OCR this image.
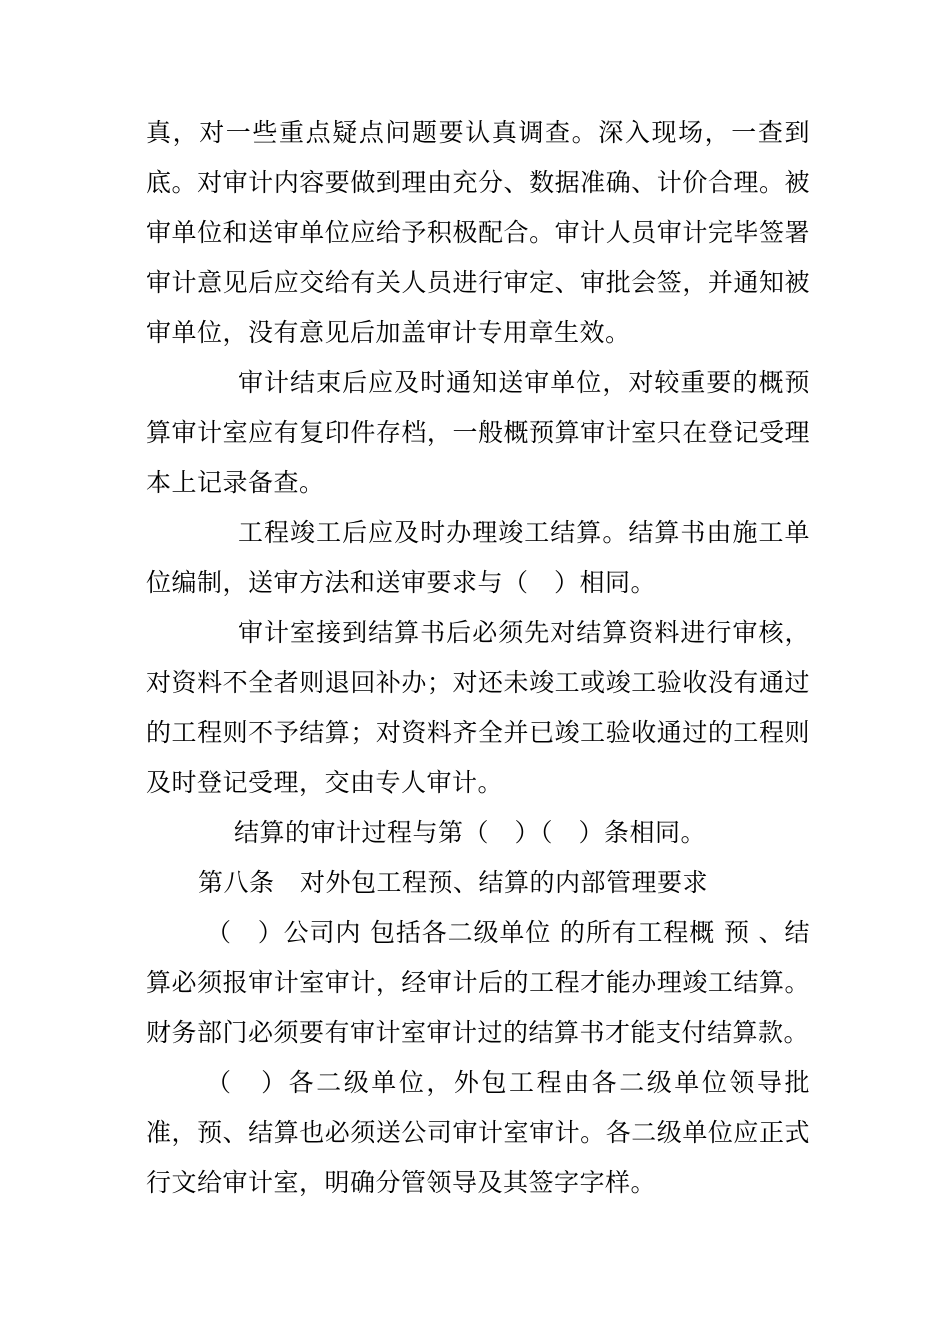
真，对一些重点疑点问题要认真调查。深入现场，一查到底。对审计内容要做到理由充分、数据准确、计价合理。被审单位和送审单位应给予积极配合。审计人员审计完毕签署审计意见后应交给有关人员进行审定、审批会签，并通知被审单位，没有意见后加盖审计专用章生效。

审计结束后应及时通知送审单位，对较重要的概预算审计室应有复印件存档，一般概预算审计室只在登记受理本上记录备查。

工程竣工后应及时办理竣工结算。结算书由施工单位编制，送审方法和送审要求与（　）相同。

审计室接到结算书后必须先对结算资料进行审核，对资料不全者则退回补办；对还未竣工或竣工验收没有通过的工程则不予结算；对资料齐全并已竣工验收通过的工程则及时登记受理，交由专人审计。

结算的审计过程与第（　）（　）条相同。

第八条　对外包工程预、结算的内部管理要求

（　）公司内 包括各二级单位 的所有工程概 预 、结算必须报审计室审计，经审计后的工程才能办理竣工结算。财务部门必须要有审计室审计过的结算书才能支付结算款。

（　）各二级单位，外包工程由各二级单位领导批准，预、结算也必须送公司审计室审计。各二级单位应正式行文给审计室，明确分管领导及其签字字样。
